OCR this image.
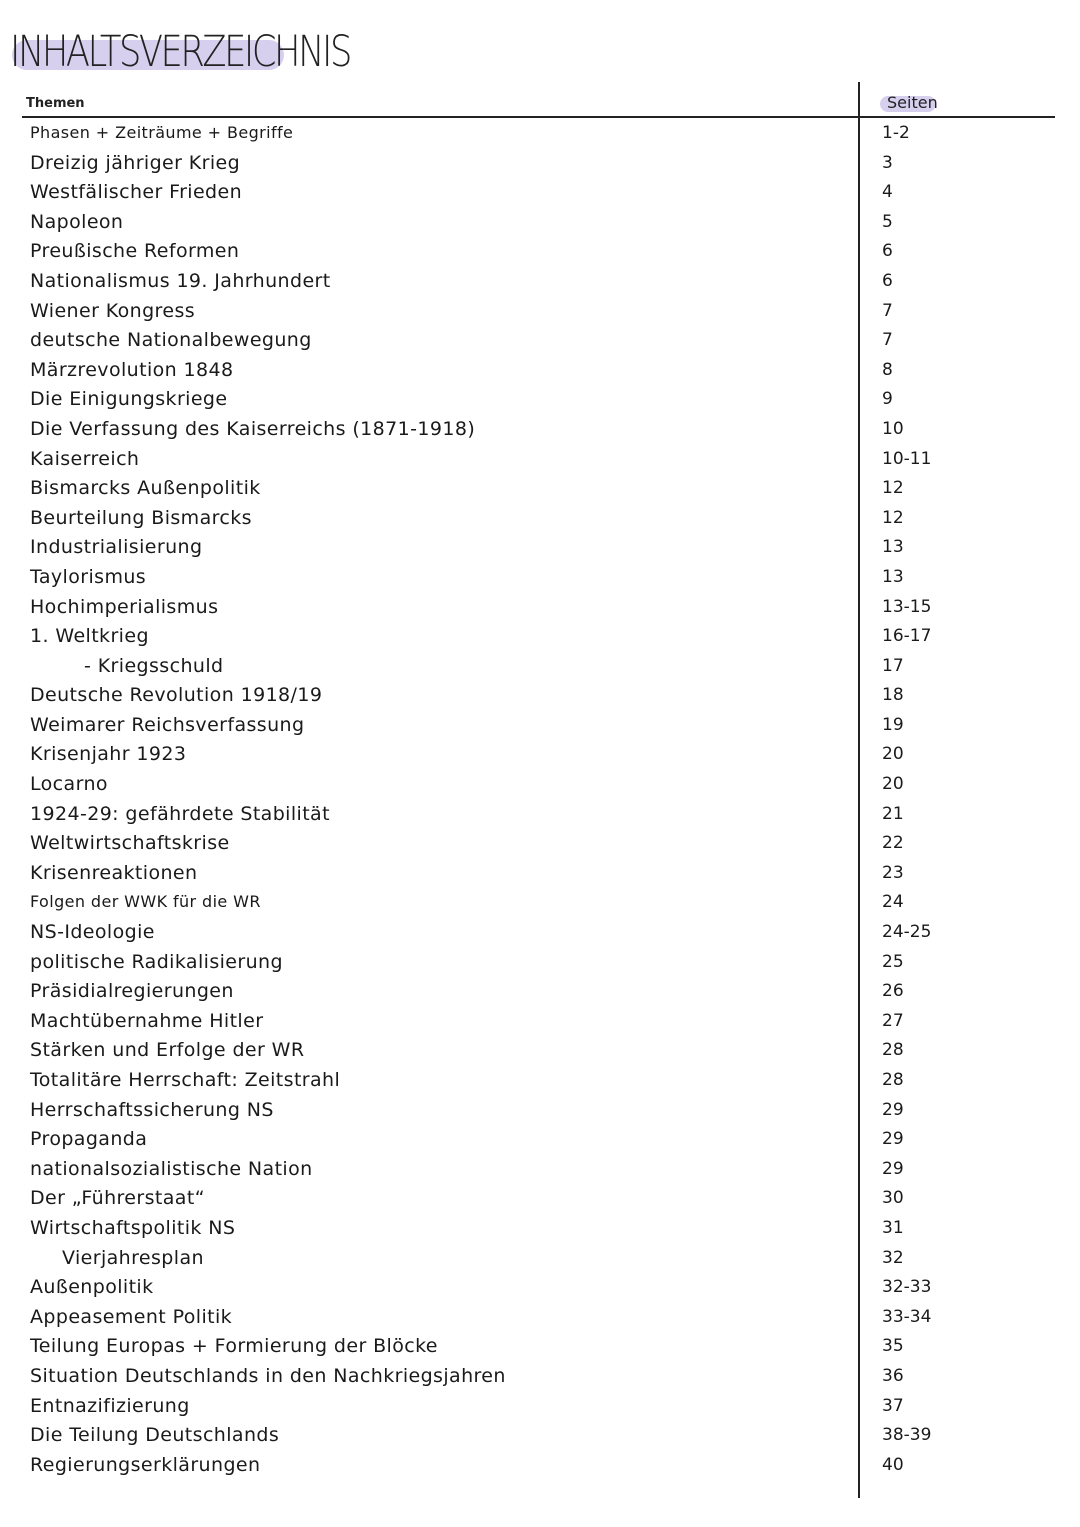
INHALTSVERZEICHNIS
Themen	Seiten
Phasen + Zeiträume + Begriffe	1-2
Dreizig jähriger Krieg	3
Westfälischer Frieden	4
Napoleon	5
Preußische Reformen	6
Nationalismus 19. Jahrhundert	6
Wiener Kongress	7
deutsche Nationalbewegung	7
Märzrevolution 1848	8
Die Einigungskriege	9
Die Verfassung des Kaiserreichs (1871-1918)	10
Kaiserreich	10-11
Bismarcks Außenpolitik	12
Beurteilung Bismarcks	12
Industrialisierung	13
Taylorismus	13
Hochimperialismus	13-15
1. Weltkrieg	16-17
- Kriegsschuld	17
Deutsche Revolution 1918/19	18
Weimarer Reichsverfassung	19
Krisenjahr 1923	20
Locarno	20
1924-29: gefährdete Stabilität	21
Weltwirtschaftskrise	22
Krisenreaktionen	23
Folgen der WWK für die WR	24
NS-Ideologie	24-25
politische Radikalisierung	25
Präsidialregierungen	26
Machtübernahme Hitler	27
Stärken und Erfolge der WR	28
Totalitäre Herrschaft: Zeitstrahl	28
Herrschaftssicherung NS	29
Propaganda	29
nationalsozialistische Nation	29
Der „Führerstaat“	30
Wirtschaftspolitik NS	31
Vierjahresplan	32
Außenpolitik	32-33
Appeasement Politik	33-34
Teilung Europas + Formierung der Blöcke	35
Situation Deutschlands in den Nachkriegsjahren	36
Entnazifizierung	37
Die Teilung Deutschlands	38-39
Regierungserklärungen	40
